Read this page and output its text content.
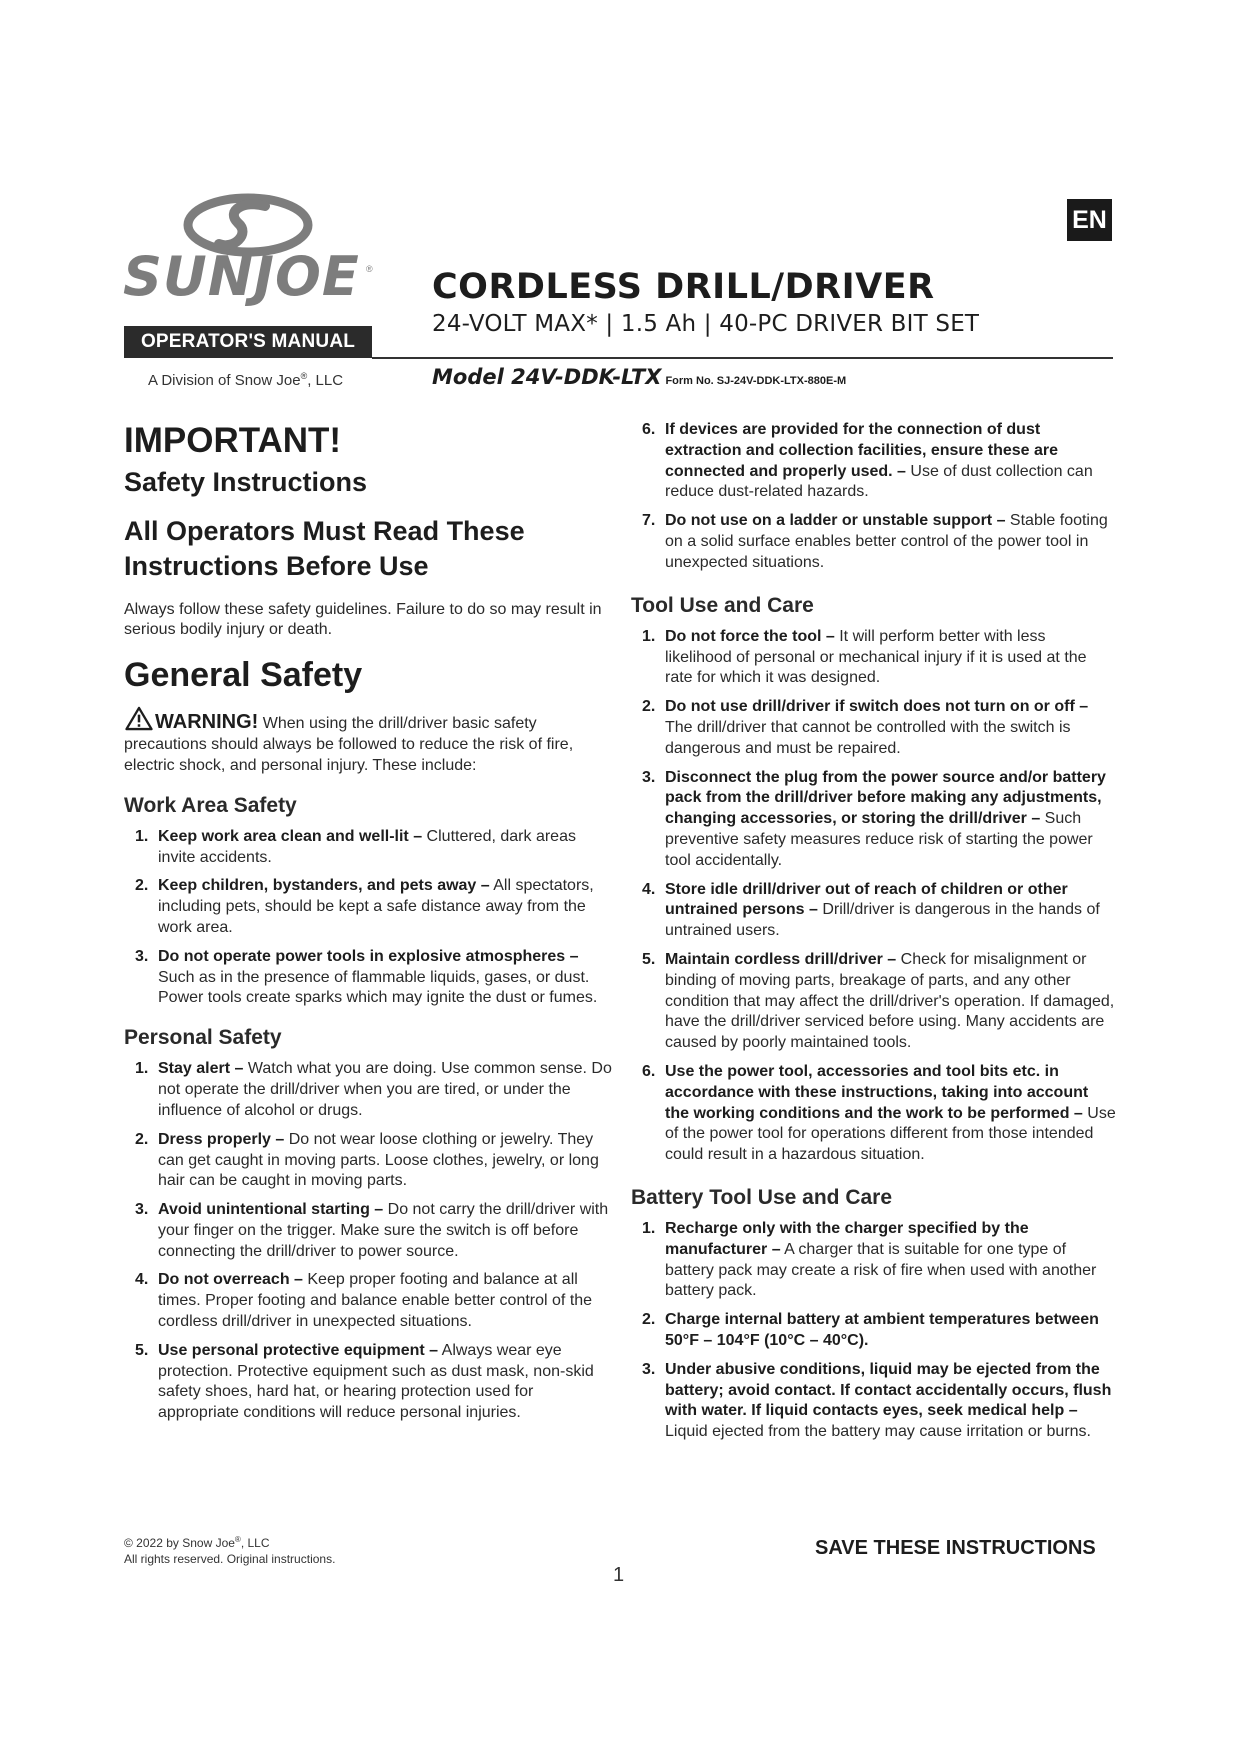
SUNJOE ®
OPERATOR'S MANUAL
A Division of Snow Joe®, LLC
EN
CORDLESS DRILL/DRIVER
24-VOLT MAX* | 1.5 Ah | 40-PC DRIVER BIT SET
Model 24V-DDK-LTX Form No. SJ-24V-DDK-LTX-880E-M
IMPORTANT!
Safety Instructions
All Operators Must Read These Instructions Before Use

Always follow these safety guidelines. Failure to do so may result in serious bodily injury or death.

General Safety

WARNING! When using the drill/driver basic safety precautions should always be followed to reduce the risk of fire, electric shock, and personal injury. These include:

Work Area Safety
1. Keep work area clean and well-lit – Cluttered, dark areas invite accidents.
2. Keep children, bystanders, and pets away – All spectators, including pets, should be kept a safe distance away from the work area.
3. Do not operate power tools in explosive atmospheres – Such as in the presence of flammable liquids, gases, or dust. Power tools create sparks which may ignite the dust or fumes.
Personal Safety
1. Stay alert – Watch what you are doing. Use common sense. Do not operate the drill/driver when you are tired, or under the influence of alcohol or drugs.
2. Dress properly – Do not wear loose clothing or jewelry. They can get caught in moving parts. Loose clothes, jewelry, or long hair can be caught in moving parts.
3. Avoid unintentional starting – Do not carry the drill/driver with your finger on the trigger. Make sure the switch is off before connecting the drill/driver to power source.
4. Do not overreach – Keep proper footing and balance at all times. Proper footing and balance enable better control of the cordless drill/driver in unexpected situations.
5. Use personal protective equipment – Always wear eye protection. Protective equipment such as dust mask, non-skid safety shoes, hard hat, or hearing protection used for appropriate conditions will reduce personal injuries.
6. If devices are provided for the connection of dust extraction and collection facilities, ensure these are connected and properly used. – Use of dust collection can reduce dust-related hazards.
7. Do not use on a ladder or unstable support – Stable footing on a solid surface enables better control of the power tool in unexpected situations.
Tool Use and Care
1. Do not force the tool – It will perform better with less likelihood of personal or mechanical injury if it is used at the rate for which it was designed.
2. Do not use drill/driver if switch does not turn on or off – The drill/driver that cannot be controlled with the switch is dangerous and must be repaired.
3. Disconnect the plug from the power source and/or battery pack from the drill/driver before making any adjustments, changing accessories, or storing the drill/driver – Such preventive safety measures reduce risk of starting the power tool accidentally.
4. Store idle drill/driver out of reach of children or other untrained persons – Drill/driver is dangerous in the hands of untrained users.
5. Maintain cordless drill/driver – Check for misalignment or binding of moving parts, breakage of parts, and any other condition that may affect the drill/driver's operation. If damaged, have the drill/driver serviced before using. Many accidents are caused by poorly maintained tools.
6. Use the power tool, accessories and tool bits etc. in accordance with these instructions, taking into account the working conditions and the work to be performed – Use of the power tool for operations different from those intended could result in a hazardous situation.
Battery Tool Use and Care
1. Recharge only with the charger specified by the manufacturer – A charger that is suitable for one type of battery pack may create a risk of fire when used with another battery pack.
2. Charge internal battery at ambient temperatures between 50°F – 104°F (10°C – 40°C).
3. Under abusive conditions, liquid may be ejected from the battery; avoid contact. If contact accidentally occurs, flush with water. If liquid contacts eyes, seek medical help – Liquid ejected from the battery may cause irritation or burns.
© 2022 by Snow Joe®, LLC
All rights reserved. Original instructions.	SAVE THESE INSTRUCTIONS
1
